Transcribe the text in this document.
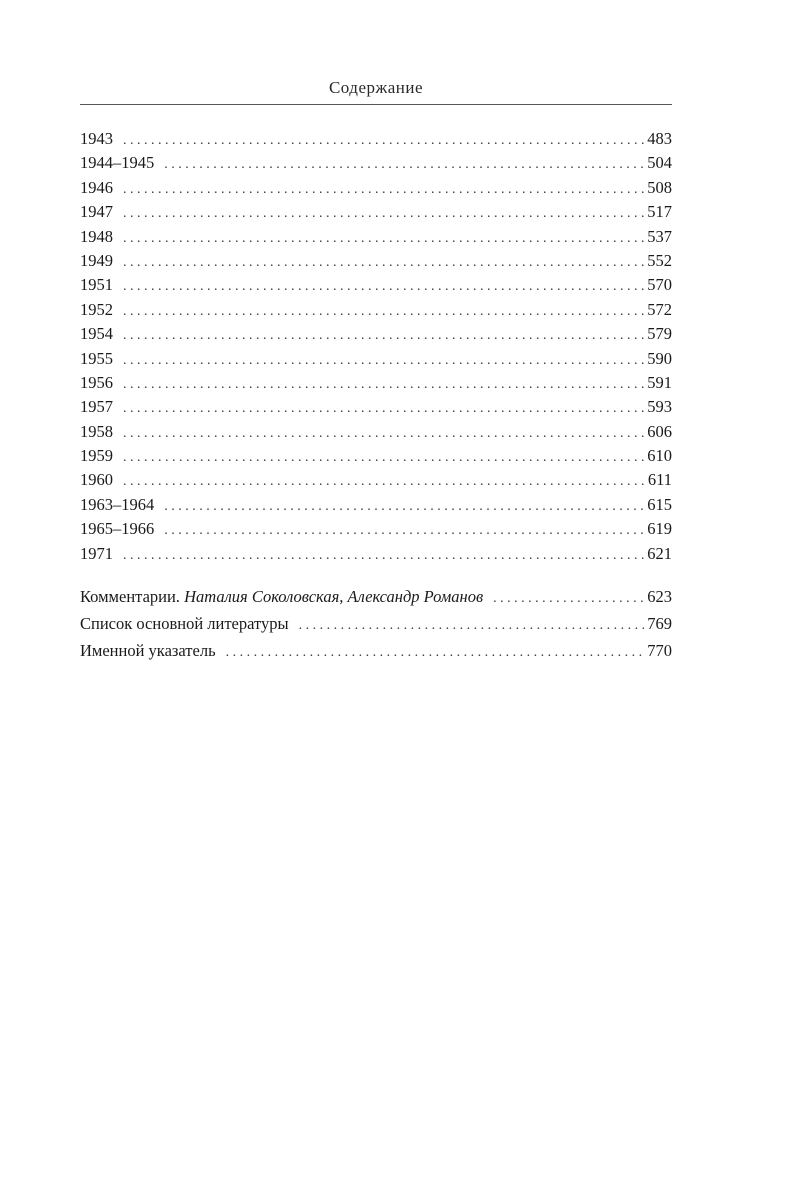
Содержание
1943 . . .	483
1944–1945 . . .	504
1946 . . .	508
1947 . . .	517
1948 . . .	537
1949 . . .	552
1951 . . .	570
1952 . . .	572
1954 . . .	579
1955 . . .	590
1956 . . .	591
1957 . . .	593
1958 . . .	606
1959 . . .	610
1960 . . .	611
1963–1964 . . .	615
1965–1966 . . .	619
1971 . . .	621
Комментарии. Наталия Соколовская, Александр Романов . . .	623
Список основной литературы . . .	769
Именной указатель . . .	770
